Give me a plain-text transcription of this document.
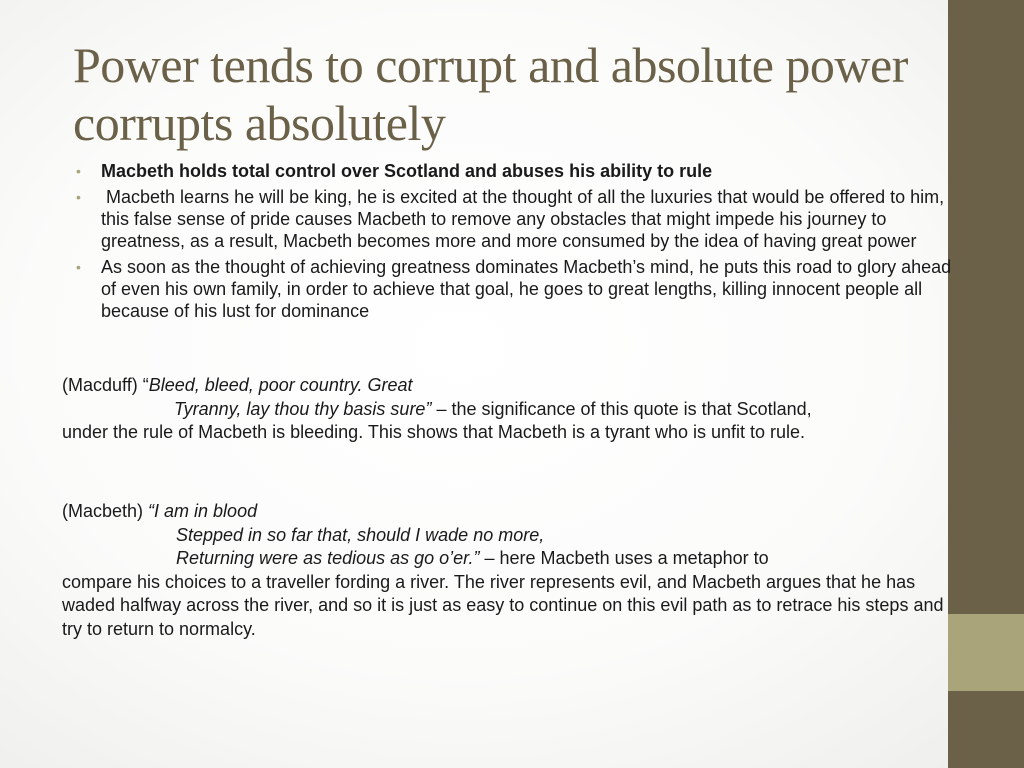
Power tends to corrupt and absolute power corrupts absolutely
• Macbeth holds total control over Scotland and abuses his ability to rule
• Macbeth learns he will be king, he is excited at the thought of all the luxuries that would be offered to him, this false sense of pride causes Macbeth to remove any obstacles that might impede his journey to greatness, as a result, Macbeth becomes more and more consumed by the idea of having great power
• As soon as the thought of achieving greatness dominates Macbeth’s mind, he puts this road to glory ahead of even his own family, in order to achieve that goal, he goes to great lengths, killing innocent people all because of his lust for dominance
(Macduff) “Bleed, bleed, poor country. Great
Tyranny, lay thou thy basis sure” – the significance of this quote is that Scotland,
under the rule of Macbeth is bleeding. This shows that Macbeth is a tyrant who is unfit to rule.
(Macbeth) “I am in blood
Stepped in so far that, should I wade no more,
Returning were as tedious as go o’er.” – here Macbeth uses a metaphor to
compare his choices to a traveller fording a river. The river represents evil, and Macbeth argues that he has waded halfway across the river, and so it is just as easy to continue on this evil path as to retrace his steps and try to return to normalcy.
